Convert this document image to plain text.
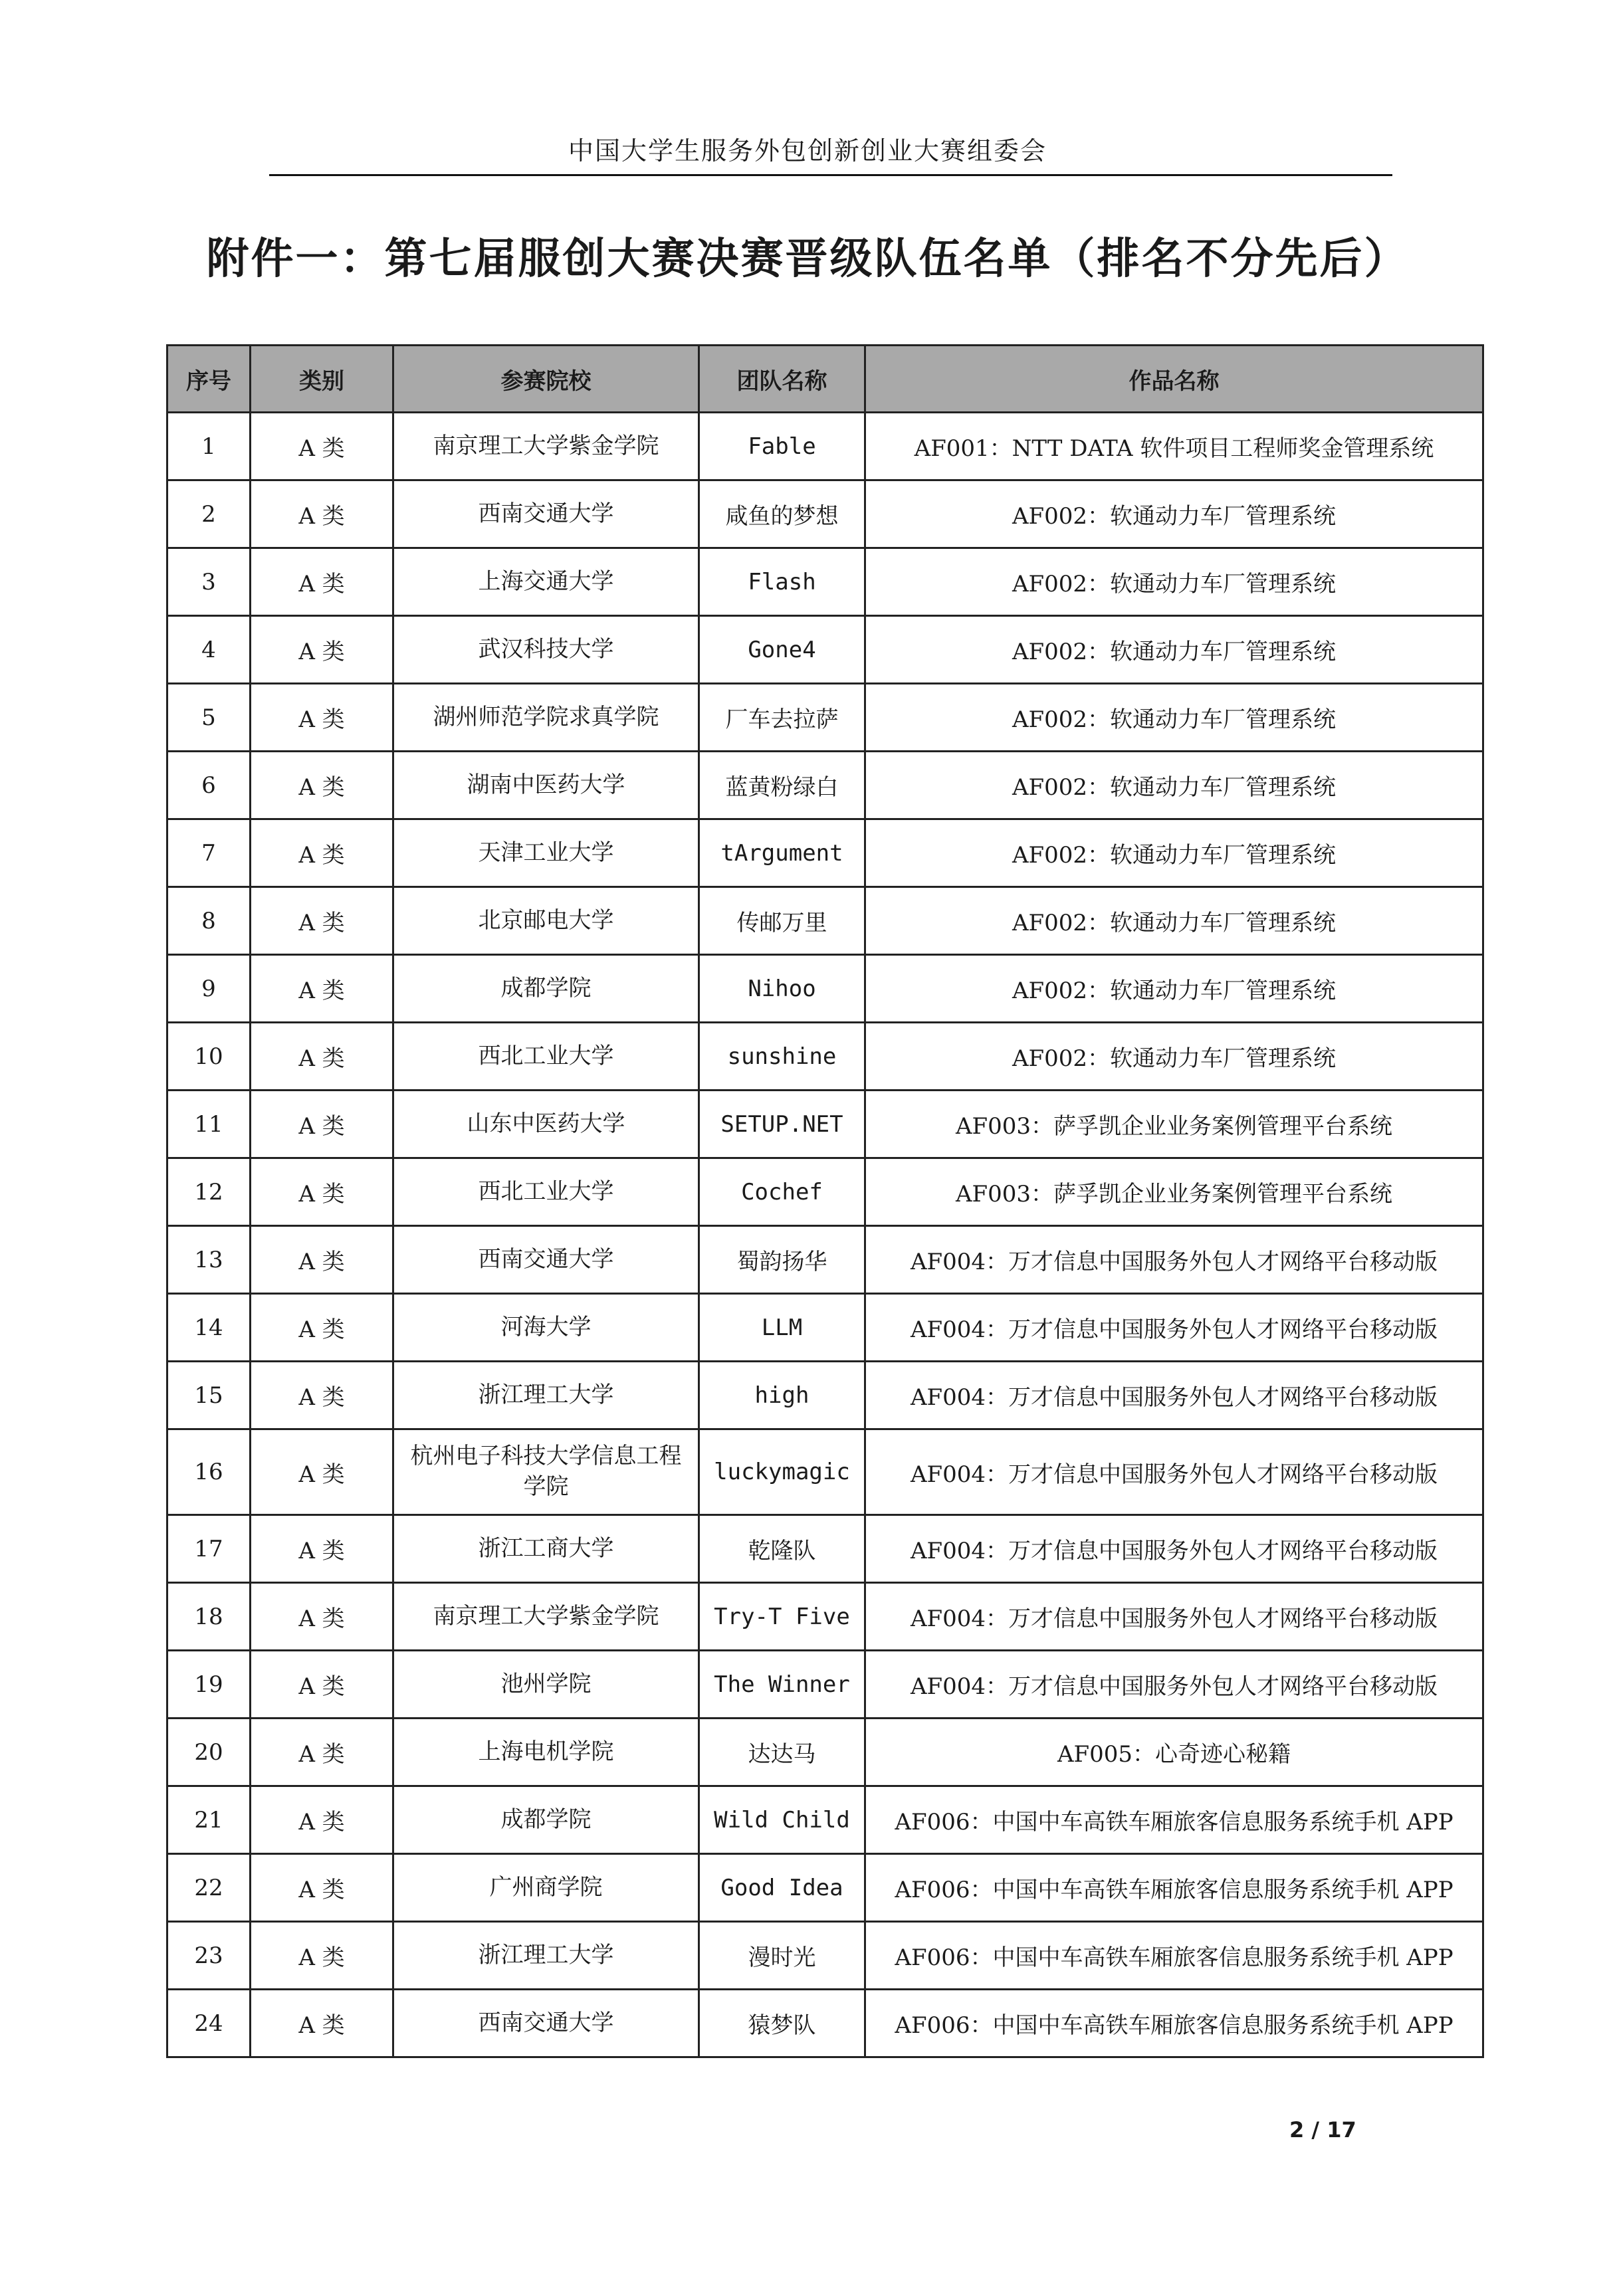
中国大学生服务外包创新创业大赛组委会
附件一：第七届服创大赛决赛晋级队伍名单（排名不分先后）
序号	类别	参赛院校	团队名称	作品名称
1	A 类	南京理工大学紫金学院	Fable	AF001：NTT DATA 软件项目工程师奖金管理系统
2	A 类	西南交通大学	咸鱼的梦想	AF002：软通动力车厂管理系统
3	A 类	上海交通大学	Flash	AF002：软通动力车厂管理系统
4	A 类	武汉科技大学	Gone4	AF002：软通动力车厂管理系统
5	A 类	湖州师范学院求真学院	厂车去拉萨	AF002：软通动力车厂管理系统
6	A 类	湖南中医药大学	蓝黄粉绿白	AF002：软通动力车厂管理系统
7	A 类	天津工业大学	tArgument	AF002：软通动力车厂管理系统
8	A 类	北京邮电大学	传邮万里	AF002：软通动力车厂管理系统
9	A 类	成都学院	Nihoo	AF002：软通动力车厂管理系统
10	A 类	西北工业大学	sunshine	AF002：软通动力车厂管理系统
11	A 类	山东中医药大学	SETUP.NET	AF003：萨孚凯企业业务案例管理平台系统
12	A 类	西北工业大学	Cochef	AF003：萨孚凯企业业务案例管理平台系统
13	A 类	西南交通大学	蜀韵扬华	AF004：万才信息中国服务外包人才网络平台移动版
14	A 类	河海大学	LLM	AF004：万才信息中国服务外包人才网络平台移动版
15	A 类	浙江理工大学	high	AF004：万才信息中国服务外包人才网络平台移动版
16	A 类	杭州电子科技大学信息工程学院	luckymagic	AF004：万才信息中国服务外包人才网络平台移动版
17	A 类	浙江工商大学	乾隆队	AF004：万才信息中国服务外包人才网络平台移动版
18	A 类	南京理工大学紫金学院	Try-T Five	AF004：万才信息中国服务外包人才网络平台移动版
19	A 类	池州学院	The Winner	AF004：万才信息中国服务外包人才网络平台移动版
20	A 类	上海电机学院	达达马	AF005：心奇迹心秘籍
21	A 类	成都学院	Wild Child	AF006：中国中车高铁车厢旅客信息服务系统手机 APP
22	A 类	广州商学院	Good Idea	AF006：中国中车高铁车厢旅客信息服务系统手机 APP
23	A 类	浙江理工大学	漫时光	AF006：中国中车高铁车厢旅客信息服务系统手机 APP
24	A 类	西南交通大学	猿梦队	AF006：中国中车高铁车厢旅客信息服务系统手机 APP
2 / 17
